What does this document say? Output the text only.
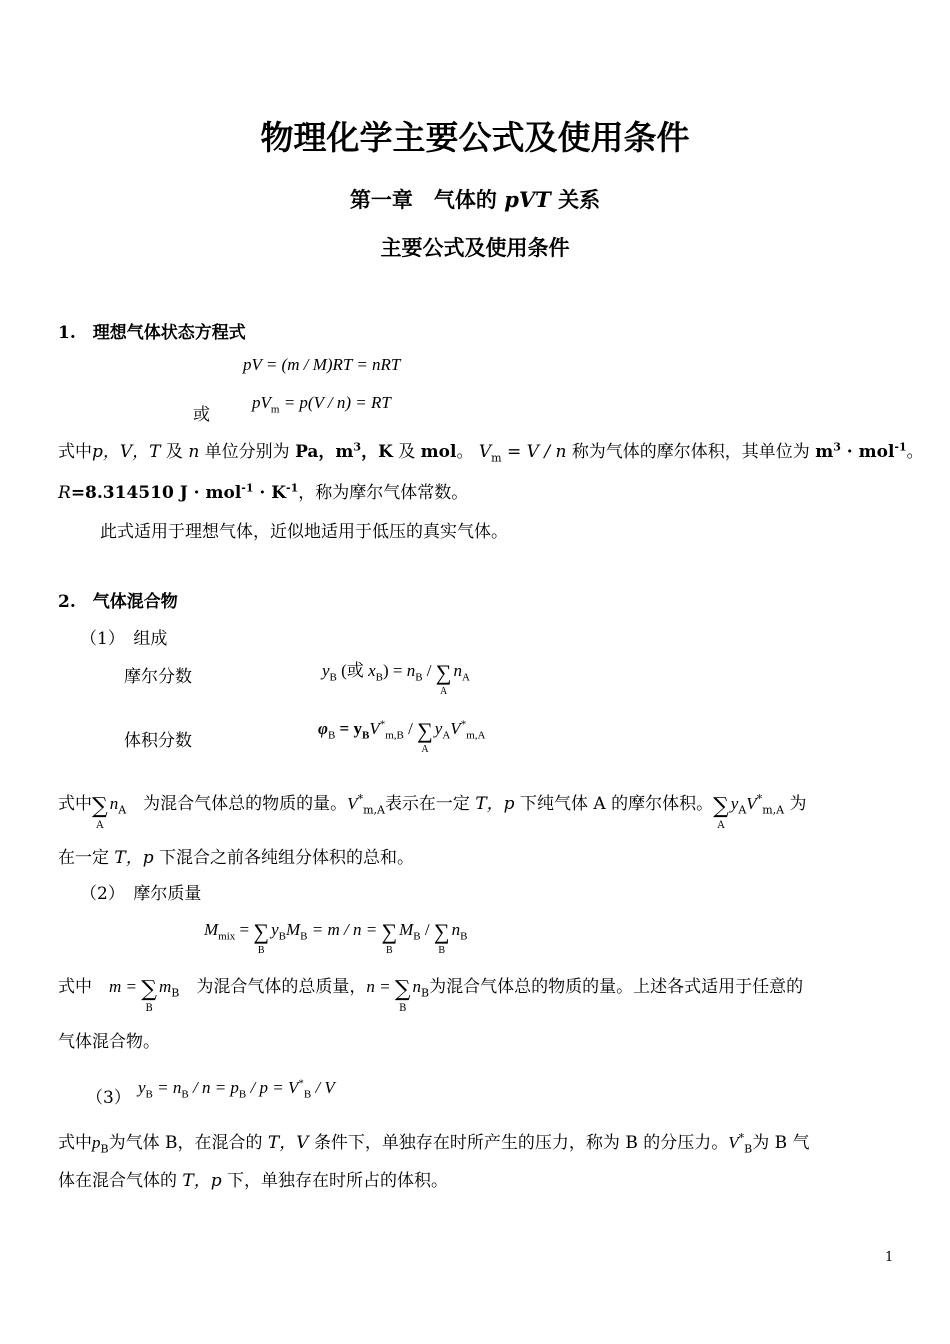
物理化学主要公式及使用条件
第一章　气体的 pVT 关系
主要公式及使用条件
1.　理想气体状态方程式
pV = (m / M)RT = nRT
或
$pV_m = p(V / n)$ = RT
式中p，V，T 及 n 单位分别为 Pa，$m^3$，K 及 mol。 $V_m = V / n$ 称为气体的摩尔体积，其单位为 $m^3 \cdot mol^{-1}$。
R=8.314510 $J \cdot mol^{-1} \cdot K^{-1}$，称为摩尔气体常数。
此式适用于理想气体，近似地适用于低压的真实气体。
2.　气体混合物
（1）　组成
摩尔分数	$y_B$ (或 $x_B) = n_B$ / ∑
A
$n_A$
体积分数
$\varphi_B = y_BV^*_{m,B}$ / ∑
A
$y_AV^*_{m,A}$
式中∑
A
$n_A$　为混合气体总的物质的量。$V^*_{m,A}$表示在一定 T，p 下纯气体 A 的摩尔体积。∑
A
$y_AV^*_{m,A}$ 为
在一定 T，p 下混合之前各纯组分体积的总和。
（2）　摩尔质量
$M_{mix}$ = ∑
B
$y_BM_B = m / n$ = ∑
B
$M_B$ / ∑
B
$n_B$
式中　m = ∑
B
$m_B$　为混合气体的总质量，n = ∑
B
$n_B$为混合气体总的物质的量。上述各式适用于任意的
气体混合物。
（3）
$y_B = n_B / n = p_B / p = V^*_B / V$
式中$p_B$为气体 B，在混合的 T，V 条件下，单独存在时所产生的压力，称为 B 的分压力。$V^*_B$为 B 气
体在混合气体的 T，p 下，单独存在时所占的体积。
1
